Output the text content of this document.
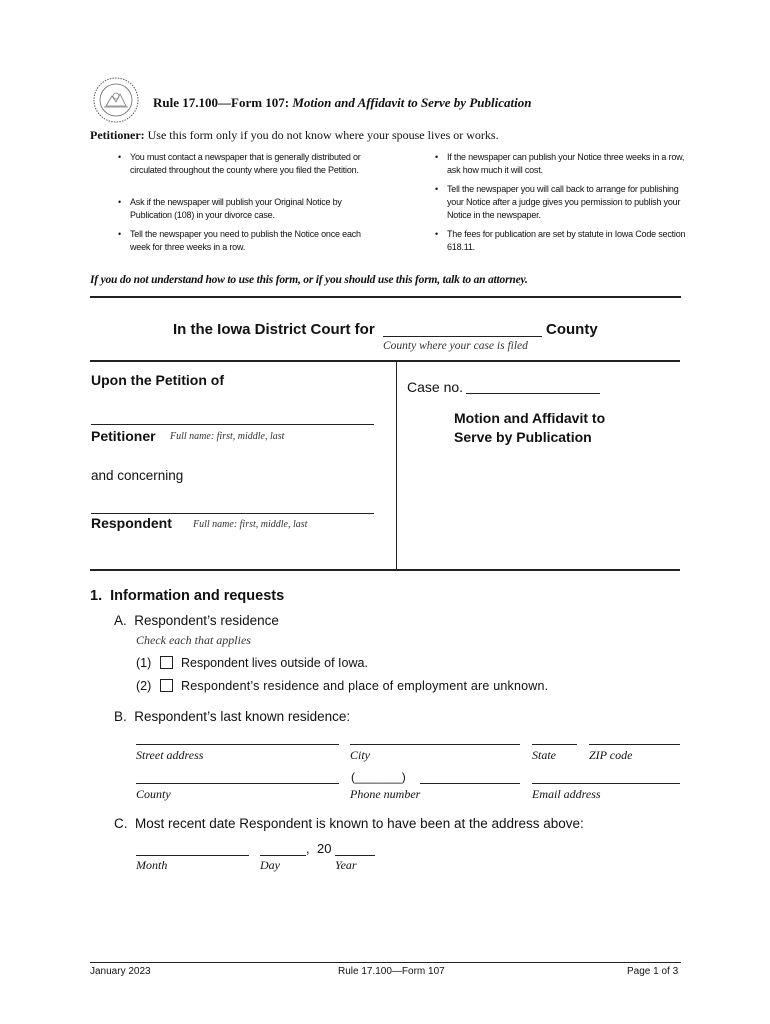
Rule 17.100—Form 107: Motion and Affidavit to Serve by Publication
Petitioner: Use this form only if you do not know where your spouse lives or works.
• You must contact a newspaper that is generally distributed or circulated throughout the county where you filed the Petition.
• Ask if the newspaper will publish your Original Notice by Publication (108) in your divorce case.
• Tell the newspaper you need to publish the Notice once each week for three weeks in a row.
• If the newspaper can publish your Notice three weeks in a row, ask how much it will cost.
• Tell the newspaper you will call back to arrange for publishing your Notice after a judge gives you permission to publish your Notice in the newspaper.
• The fees for publication are set by statute in Iowa Code section 618.11.
If you do not understand how to use this form, or if you should use this form, talk to an attorney.
In the Iowa District Court for	County
County where your case is filed
Upon the Petition of
Petitioner Full name: first, middle, last
and concerning
Respondent Full name: first, middle, last
Case no.
Motion and Affidavit to
Serve by Publication
1.  Information and requests
A.  Respondent’s residence
Check each that applies
(1) Respondent lives outside of Iowa.
(2) Respondent’s residence and place of employment are unknown.
B.  Respondent’s last known residence:
Street address	City	State	ZIP code
(_______)
County	Phone number	Email address
C.  Most recent date Respondent is known to have been at the address above:
, 20
Month	Day	Year
January 2023	Rule 17.100—Form 107	Page 1 of 3
